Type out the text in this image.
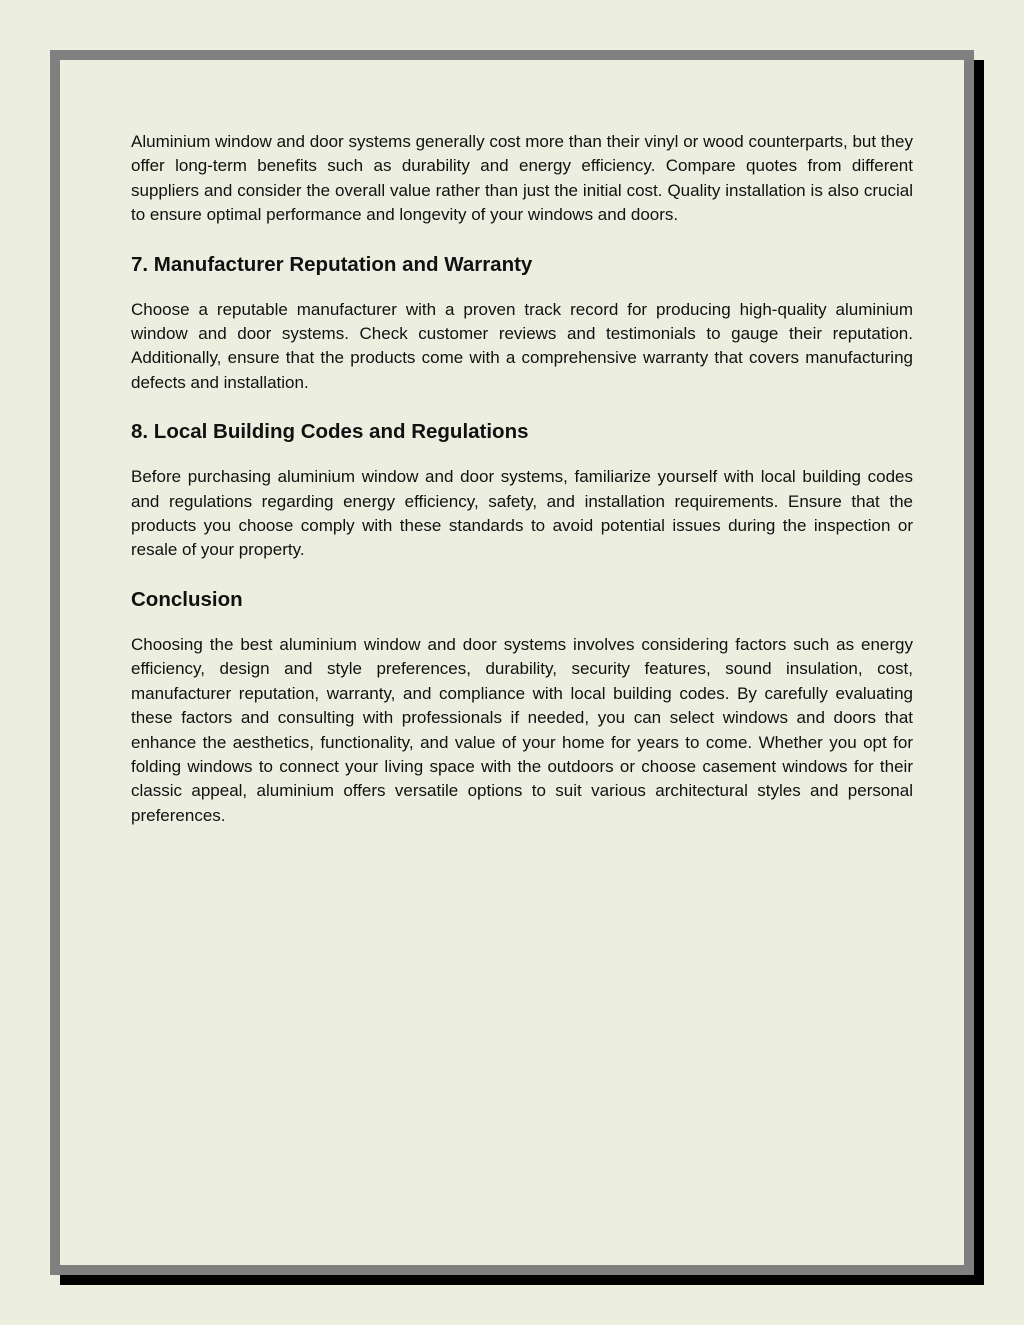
Aluminium window and door systems generally cost more than their vinyl or wood counterparts, but they offer long-term benefits such as durability and energy efficiency. Compare quotes from different suppliers and consider the overall value rather than just the initial cost. Quality installation is also crucial to ensure optimal performance and longevity of your windows and doors.

7. Manufacturer Reputation and Warranty

Choose a reputable manufacturer with a proven track record for producing high-quality aluminium window and door systems. Check customer reviews and testimonials to gauge their reputation. Additionally, ensure that the products come with a comprehensive warranty that covers manufacturing defects and installation.

8. Local Building Codes and Regulations

Before purchasing aluminium window and door systems, familiarize yourself with local building codes and regulations regarding energy efficiency, safety, and installation requirements. Ensure that the products you choose comply with these standards to avoid potential issues during the inspection or resale of your property.

Conclusion

Choosing the best aluminium window and door systems involves considering factors such as energy efficiency, design and style preferences, durability, security features, sound insulation, cost, manufacturer reputation, warranty, and compliance with local building codes. By carefully evaluating these factors and consulting with professionals if needed, you can select windows and doors that enhance the aesthetics, functionality, and value of your home for years to come. Whether you opt for folding windows to connect your living space with the outdoors or choose casement windows for their classic appeal, aluminium offers versatile options to suit various architectural styles and personal preferences.
